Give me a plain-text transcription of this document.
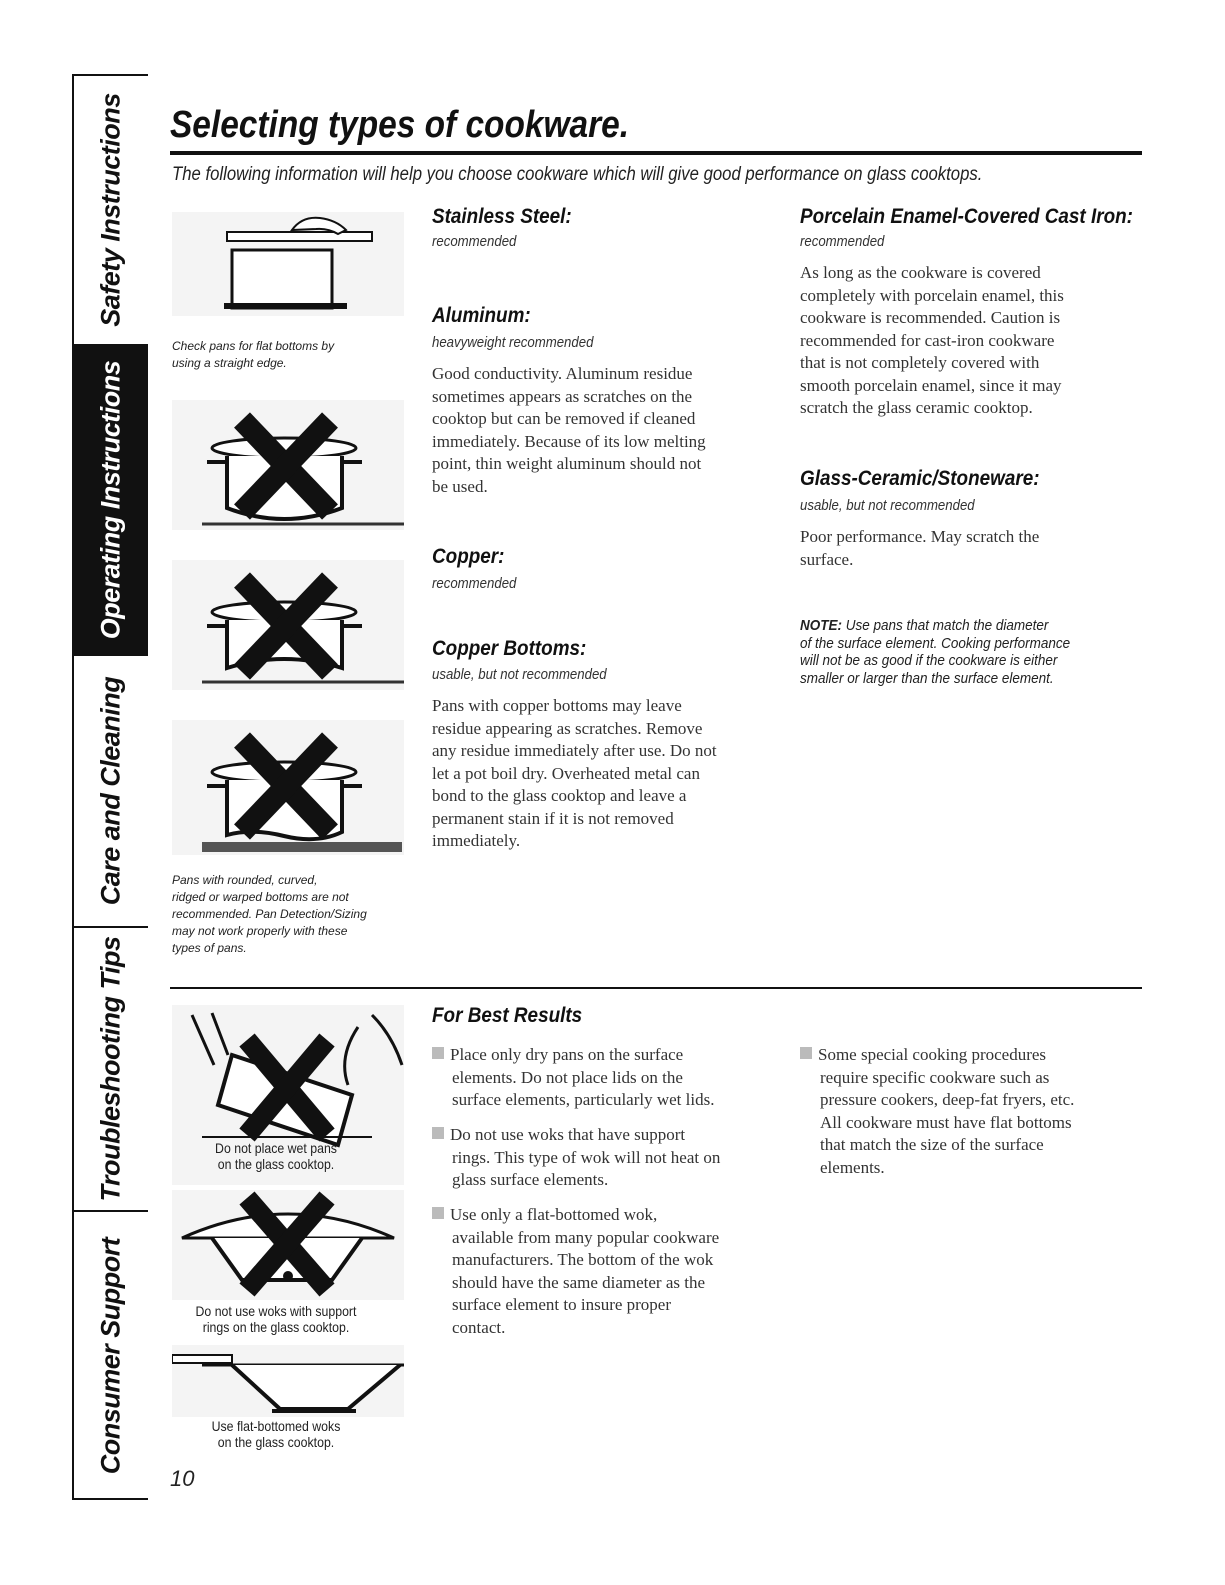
Safety Instructions
Operating Instructions
Care and Cleaning
Troubleshooting Tips
Consumer Support
Selecting types of cookware.
The following information will help you choose cookware which will give good performance on glass cooktops.
Check pans for flat bottoms by
using a straight edge.
Pans with rounded, curved,
ridged or warped bottoms are not
recommended. Pan Detection/Sizing
may not work properly with these
types of pans.
Stainless Steel:
recommended
Aluminum:
heavyweight recommended
Good conductivity. Aluminum residue
sometimes appears as scratches on the
cooktop but can be removed if cleaned
immediately. Because of its low melting
point, thin weight aluminum should not
be used.
Copper:
recommended
Copper Bottoms:
usable, but not recommended
Pans with copper bottoms may leave
residue appearing as scratches. Remove
any residue immediately after use. Do not
let a pot boil dry. Overheated metal can
bond to the glass cooktop and leave a
permanent stain if it is not removed
immediately.
Porcelain Enamel-Covered Cast Iron:
recommended
As long as the cookware is covered
completely with porcelain enamel, this
cookware is recommended. Caution is
recommended for cast-iron cookware
that is not completely covered with
smooth porcelain enamel, since it may
scratch the glass ceramic cooktop.
Glass-Ceramic/Stoneware:
usable, but not recommended
Poor performance. May scratch the
surface.
NOTE: Use pans that match the diameter
of the surface element. Cooking performance
will not be as good if the cookware is either
smaller or larger than the surface element.
Do not place wet pans
on the glass cooktop.
Do not use woks with support
rings on the glass cooktop.
Use flat-bottomed woks
on the glass cooktop.
For Best Results
Place only dry pans on the surface
elements. Do not place lids on the
surface elements, particularly wet lids.
Do not use woks that have support
rings. This type of wok will not heat on
glass surface elements.
Use only a flat-bottomed wok,
available from many popular cookware
manufacturers. The bottom of the wok
should have the same diameter as the
surface element to insure proper
contact.
Some special cooking procedures
require specific cookware such as
pressure cookers, deep-fat fryers, etc.
All cookware must have flat bottoms
that match the size of the surface
elements.
10
